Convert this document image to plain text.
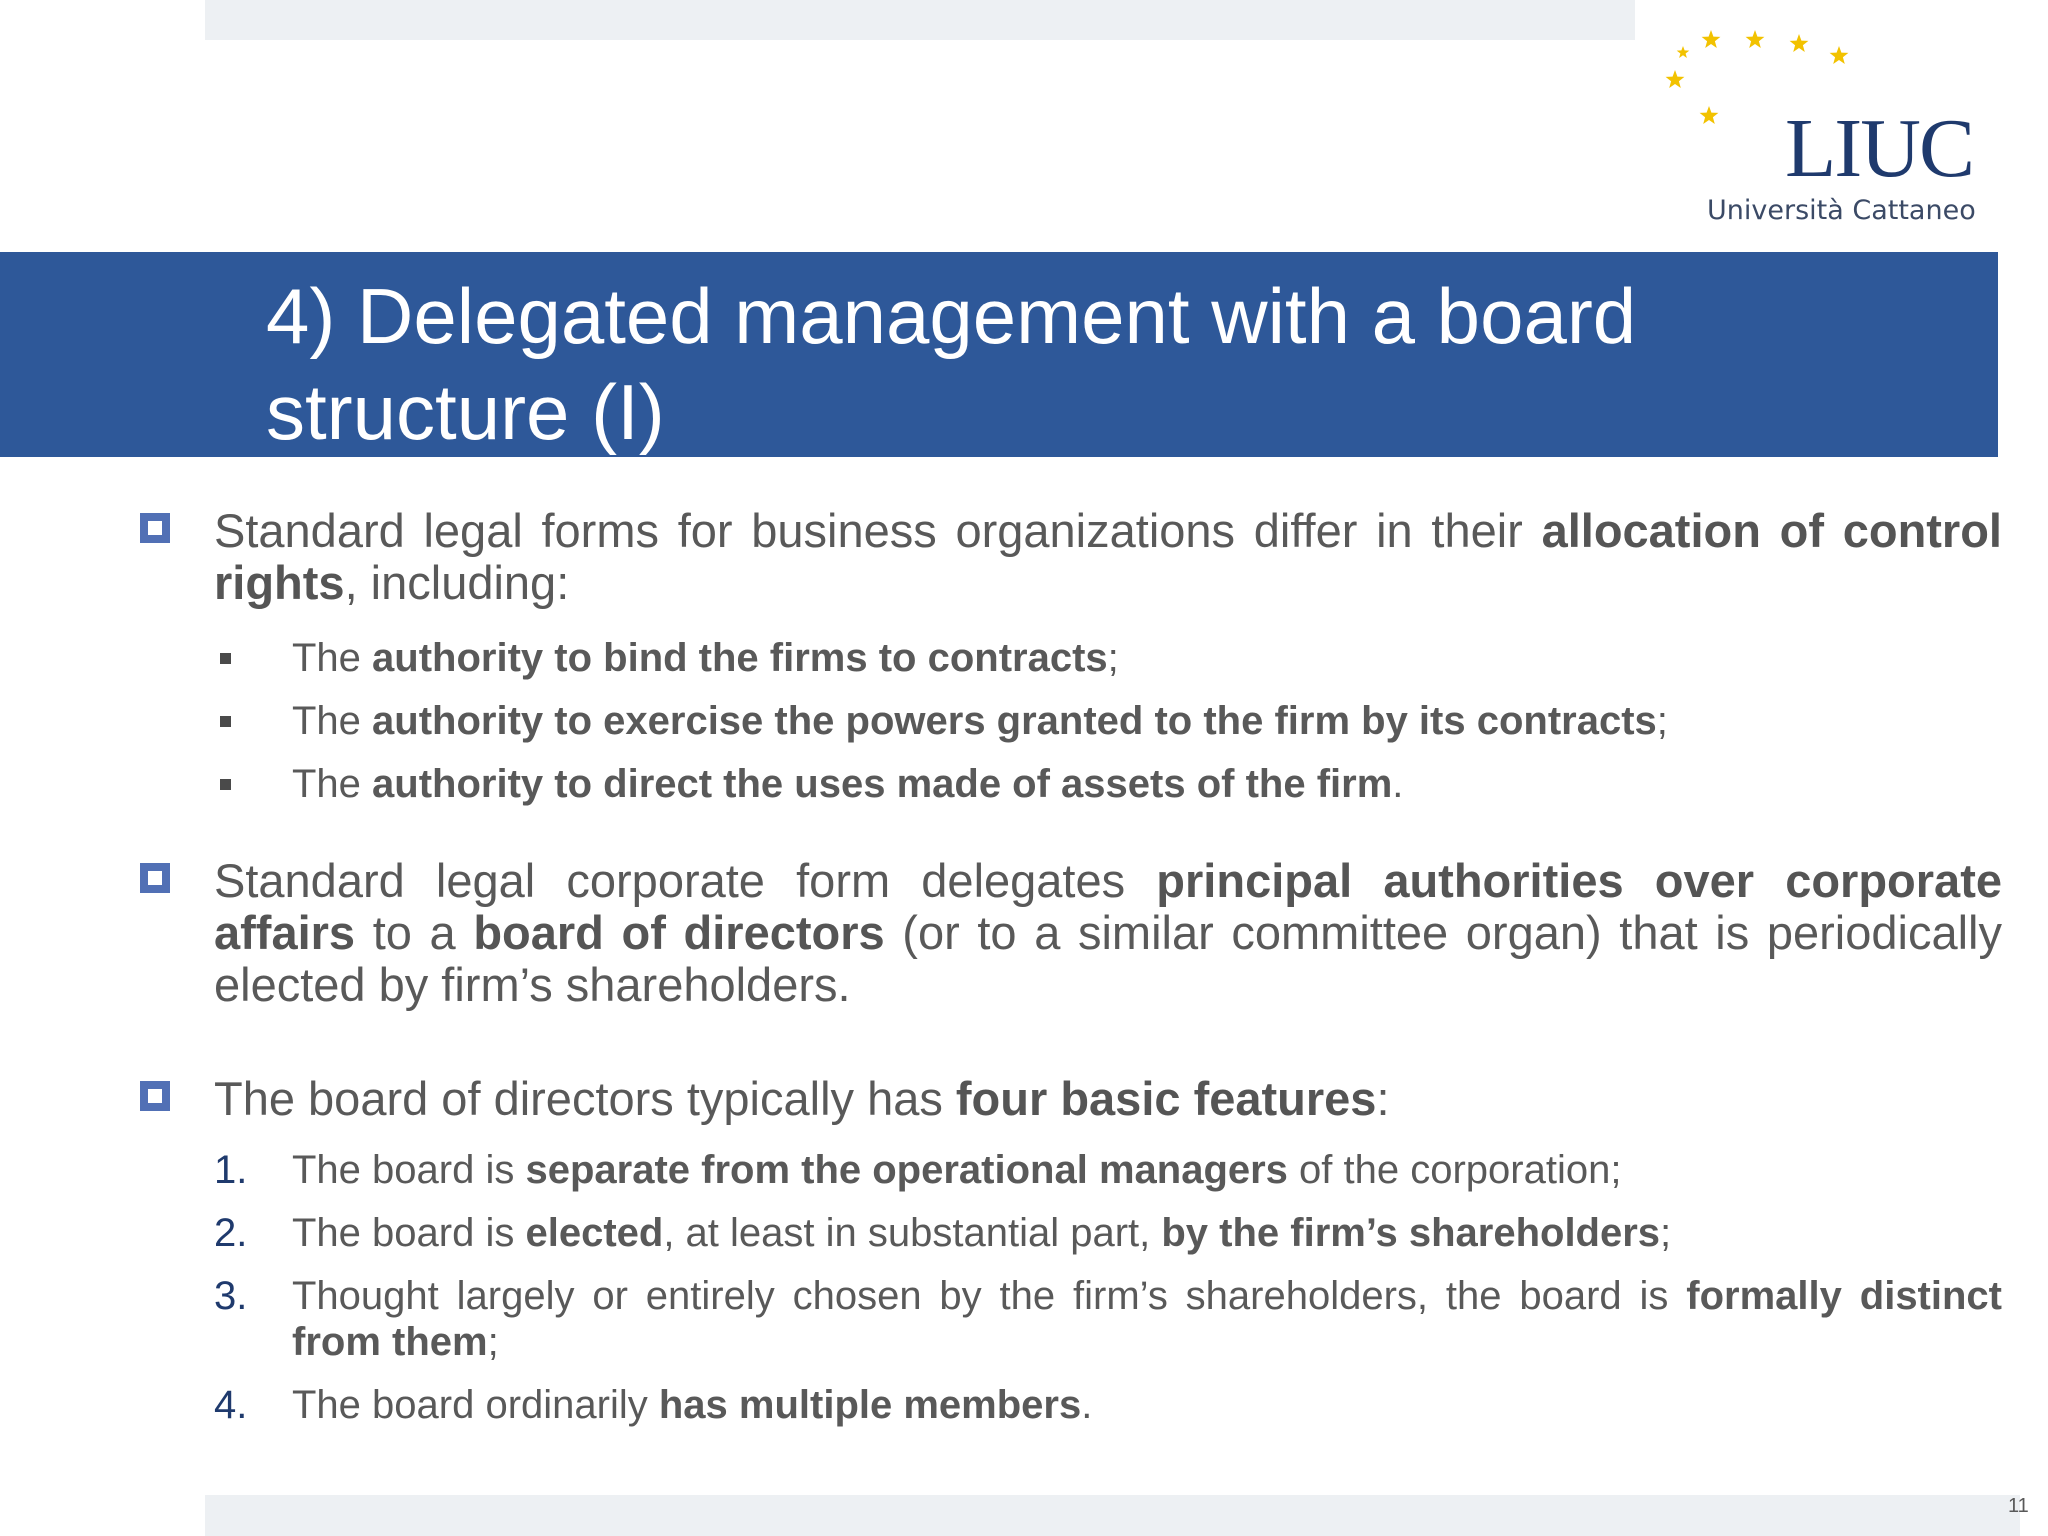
LIUC
Università Cattaneo
4) Delegated management with a board structure (I)
Standard legal forms for business organizations differ in their allocation of control rights, including:
The authority to bind the firms to contracts;
The authority to exercise the powers granted to the firm by its contracts;
The authority to direct the uses made of assets of the firm.
Standard legal corporate form delegates principal authorities over corporate affairs to a board of directors (or to a similar committee organ) that is periodically elected by firm’s shareholders.
The board of directors typically has four basic features:
1. The board is separate from the operational managers of the corporation;
2. The board is elected, at least in substantial part, by the firm’s shareholders;
3. Thought largely or entirely chosen by the firm’s shareholders, the board is formally distinct from them;
4. The board ordinarily has multiple members.
11
